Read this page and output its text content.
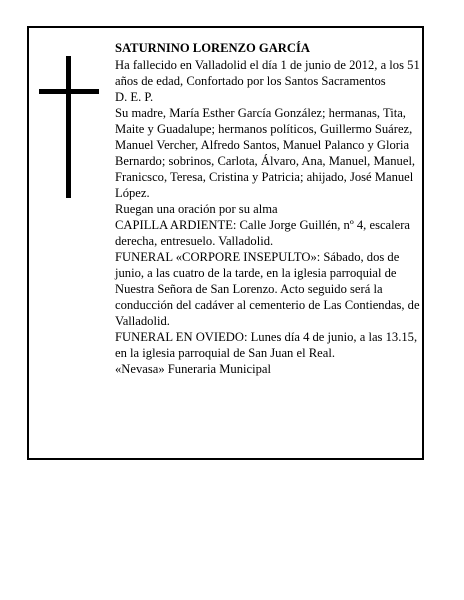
SATURNINO LORENZO GARCÍA

Ha fallecido en Valladolid el día 1 de junio de 2012, a los 51 años de edad, Confortado por los Santos Sacramentos

D. E. P.

Su madre, María Esther García González; hermanas, Tita, Maite y Guadalupe; hermanos políticos, Guillermo Suárez, Manuel Vercher, Alfredo Santos, Manuel Palanco y Gloria Bernardo; sobrinos, Carlota, Álvaro, Ana, Manuel, Manuel, Franicsco, Teresa, Cristina y Patricia; ahijado, José Manuel López.

Ruegan una oración por su alma

CAPILLA ARDIENTE: Calle Jorge Guillén, nº 4, escalera derecha, entresuelo. Valladolid.

FUNERAL «CORPORE INSEPULTO»: Sábado, dos de junio, a las cuatro de la tarde, en la iglesia parroquial de Nuestra Señora de San Lorenzo. Acto seguido será la conducción del cadáver al cementerio de Las Contiendas, de Valladolid.

FUNERAL EN OVIEDO: Lunes día 4 de junio, a las 13.15, en la iglesia parroquial de San Juan el Real.

«Nevasa» Funeraria Municipal
